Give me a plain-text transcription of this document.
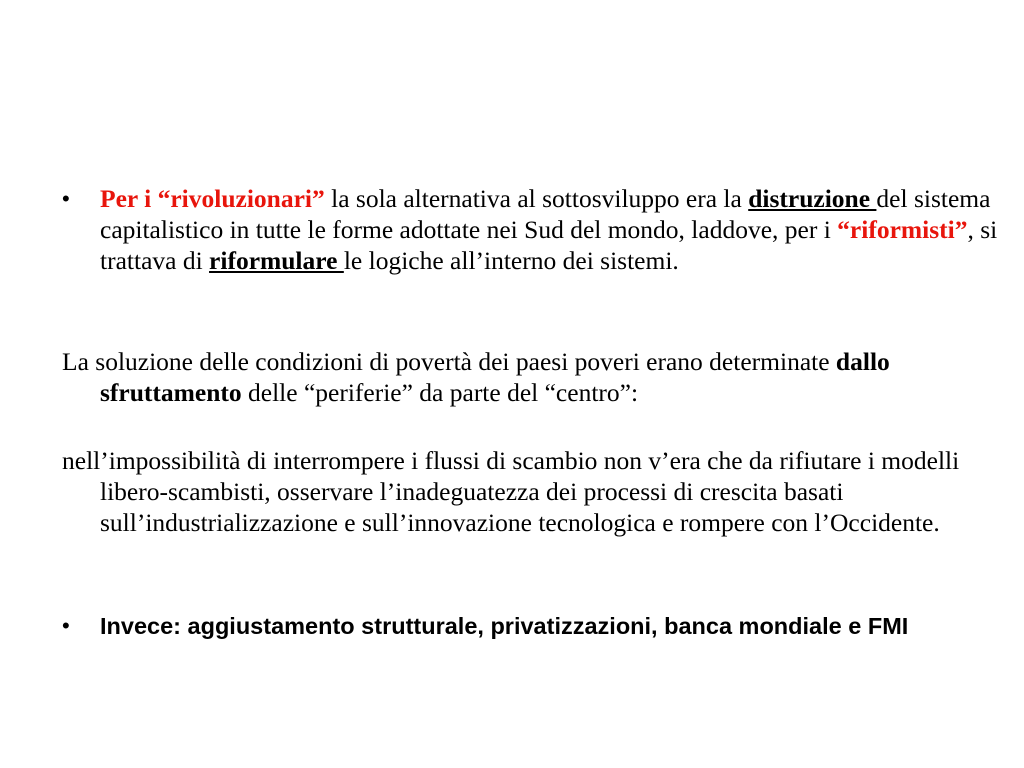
•	Per i “rivoluzionari” la sola alternativa al sottosviluppo era la distruzione del sistema capitalistico in tutte le forme adottate nei Sud del mondo, laddove, per i “riformisti”, si trattava di riformulare le logiche all’interno dei sistemi.
La soluzione delle condizioni di povertà dei paesi poveri erano determinate dallo sfruttamento delle “periferie” da parte del “centro”:
nell’impossibilità di interrompere i flussi di scambio non v’era che da rifiutare i modelli libero-scambisti, osservare l’inadeguatezza dei processi di crescita basati sull’industrializzazione e sull’innovazione tecnologica e rompere con l’Occidente.
•	Invece: aggiustamento strutturale, privatizzazioni, banca mondiale e FMI
